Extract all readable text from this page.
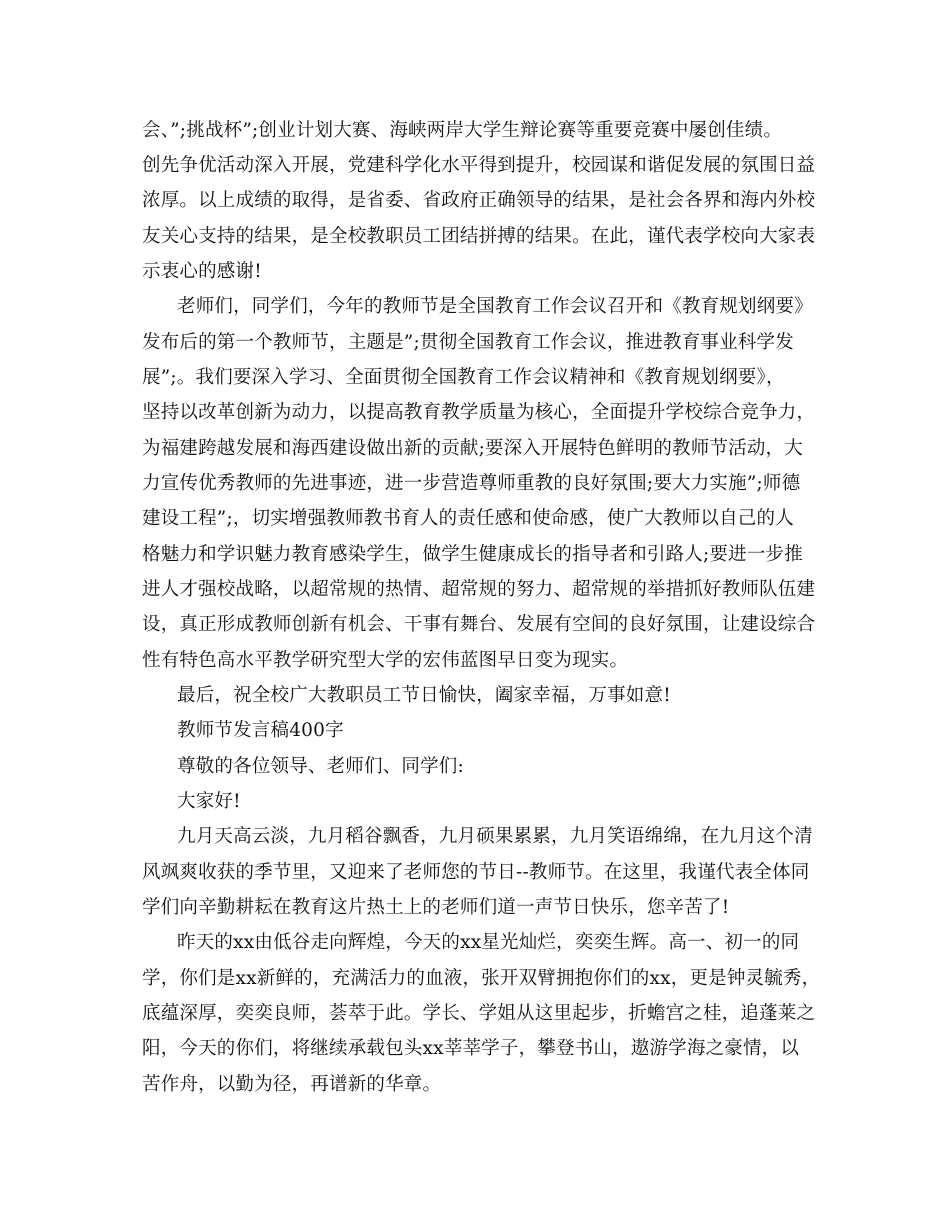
会、”;挑战杯”;创业计划大赛、海峡两岸大学生辩论赛等重要竞赛中屡创佳绩。
创先争优活动深入开展，党建科学化水平得到提升，校园谋和谐促发展的氛围日益
浓厚。以上成绩的取得，是省委、省政府正确领导的结果，是社会各界和海内外校
友关心支持的结果，是全校教职员工团结拼搏的结果。在此，谨代表学校向大家表
示衷心的感谢!
老师们，同学们，今年的教师节是全国教育工作会议召开和《教育规划纲要》
发布后的第一个教师节，主题是”;贯彻全国教育工作会议，推进教育事业科学发
展”;。我们要深入学习、全面贯彻全国教育工作会议精神和《教育规划纲要》，
坚持以改革创新为动力，以提高教育教学质量为核心，全面提升学校综合竞争力，
为福建跨越发展和海西建设做出新的贡献;要深入开展特色鲜明的教师节活动，大
力宣传优秀教师的先进事迹，进一步营造尊师重教的良好氛围;要大力实施”;师德
建设工程”;，切实增强教师教书育人的责任感和使命感，使广大教师以自己的人
格魅力和学识魅力教育感染学生，做学生健康成长的指导者和引路人;要进一步推
进人才强校战略，以超常规的热情、超常规的努力、超常规的举措抓好教师队伍建
设，真正形成教师创新有机会、干事有舞台、发展有空间的良好氛围，让建设综合
性有特色高水平教学研究型大学的宏伟蓝图早日变为现实。
最后，祝全校广大教职员工节日愉快，阖家幸福，万事如意!
教师节发言稿400字
尊敬的各位领导、老师们、同学们:
大家好!
九月天高云淡，九月稻谷飘香，九月硕果累累，九月笑语绵绵，在九月这个清
风飒爽收获的季节里，又迎来了老师您的节日--教师节。在这里，我谨代表全体同
学们向辛勤耕耘在教育这片热土上的老师们道一声节日快乐，您辛苦了!
昨天的xx由低谷走向辉煌，今天的xx星光灿烂，奕奕生辉。高一、初一的同
学，你们是xx新鲜的，充满活力的血液，张开双臂拥抱你们的xx，更是钟灵毓秀，
底蕴深厚，奕奕良师，荟萃于此。学长、学姐从这里起步，折蟾宫之桂，追蓬莱之
阳，今天的你们，将继续承载包头xx莘莘学子，攀登书山，遨游学海之豪情，以
苦作舟，以勤为径，再谱新的华章。
